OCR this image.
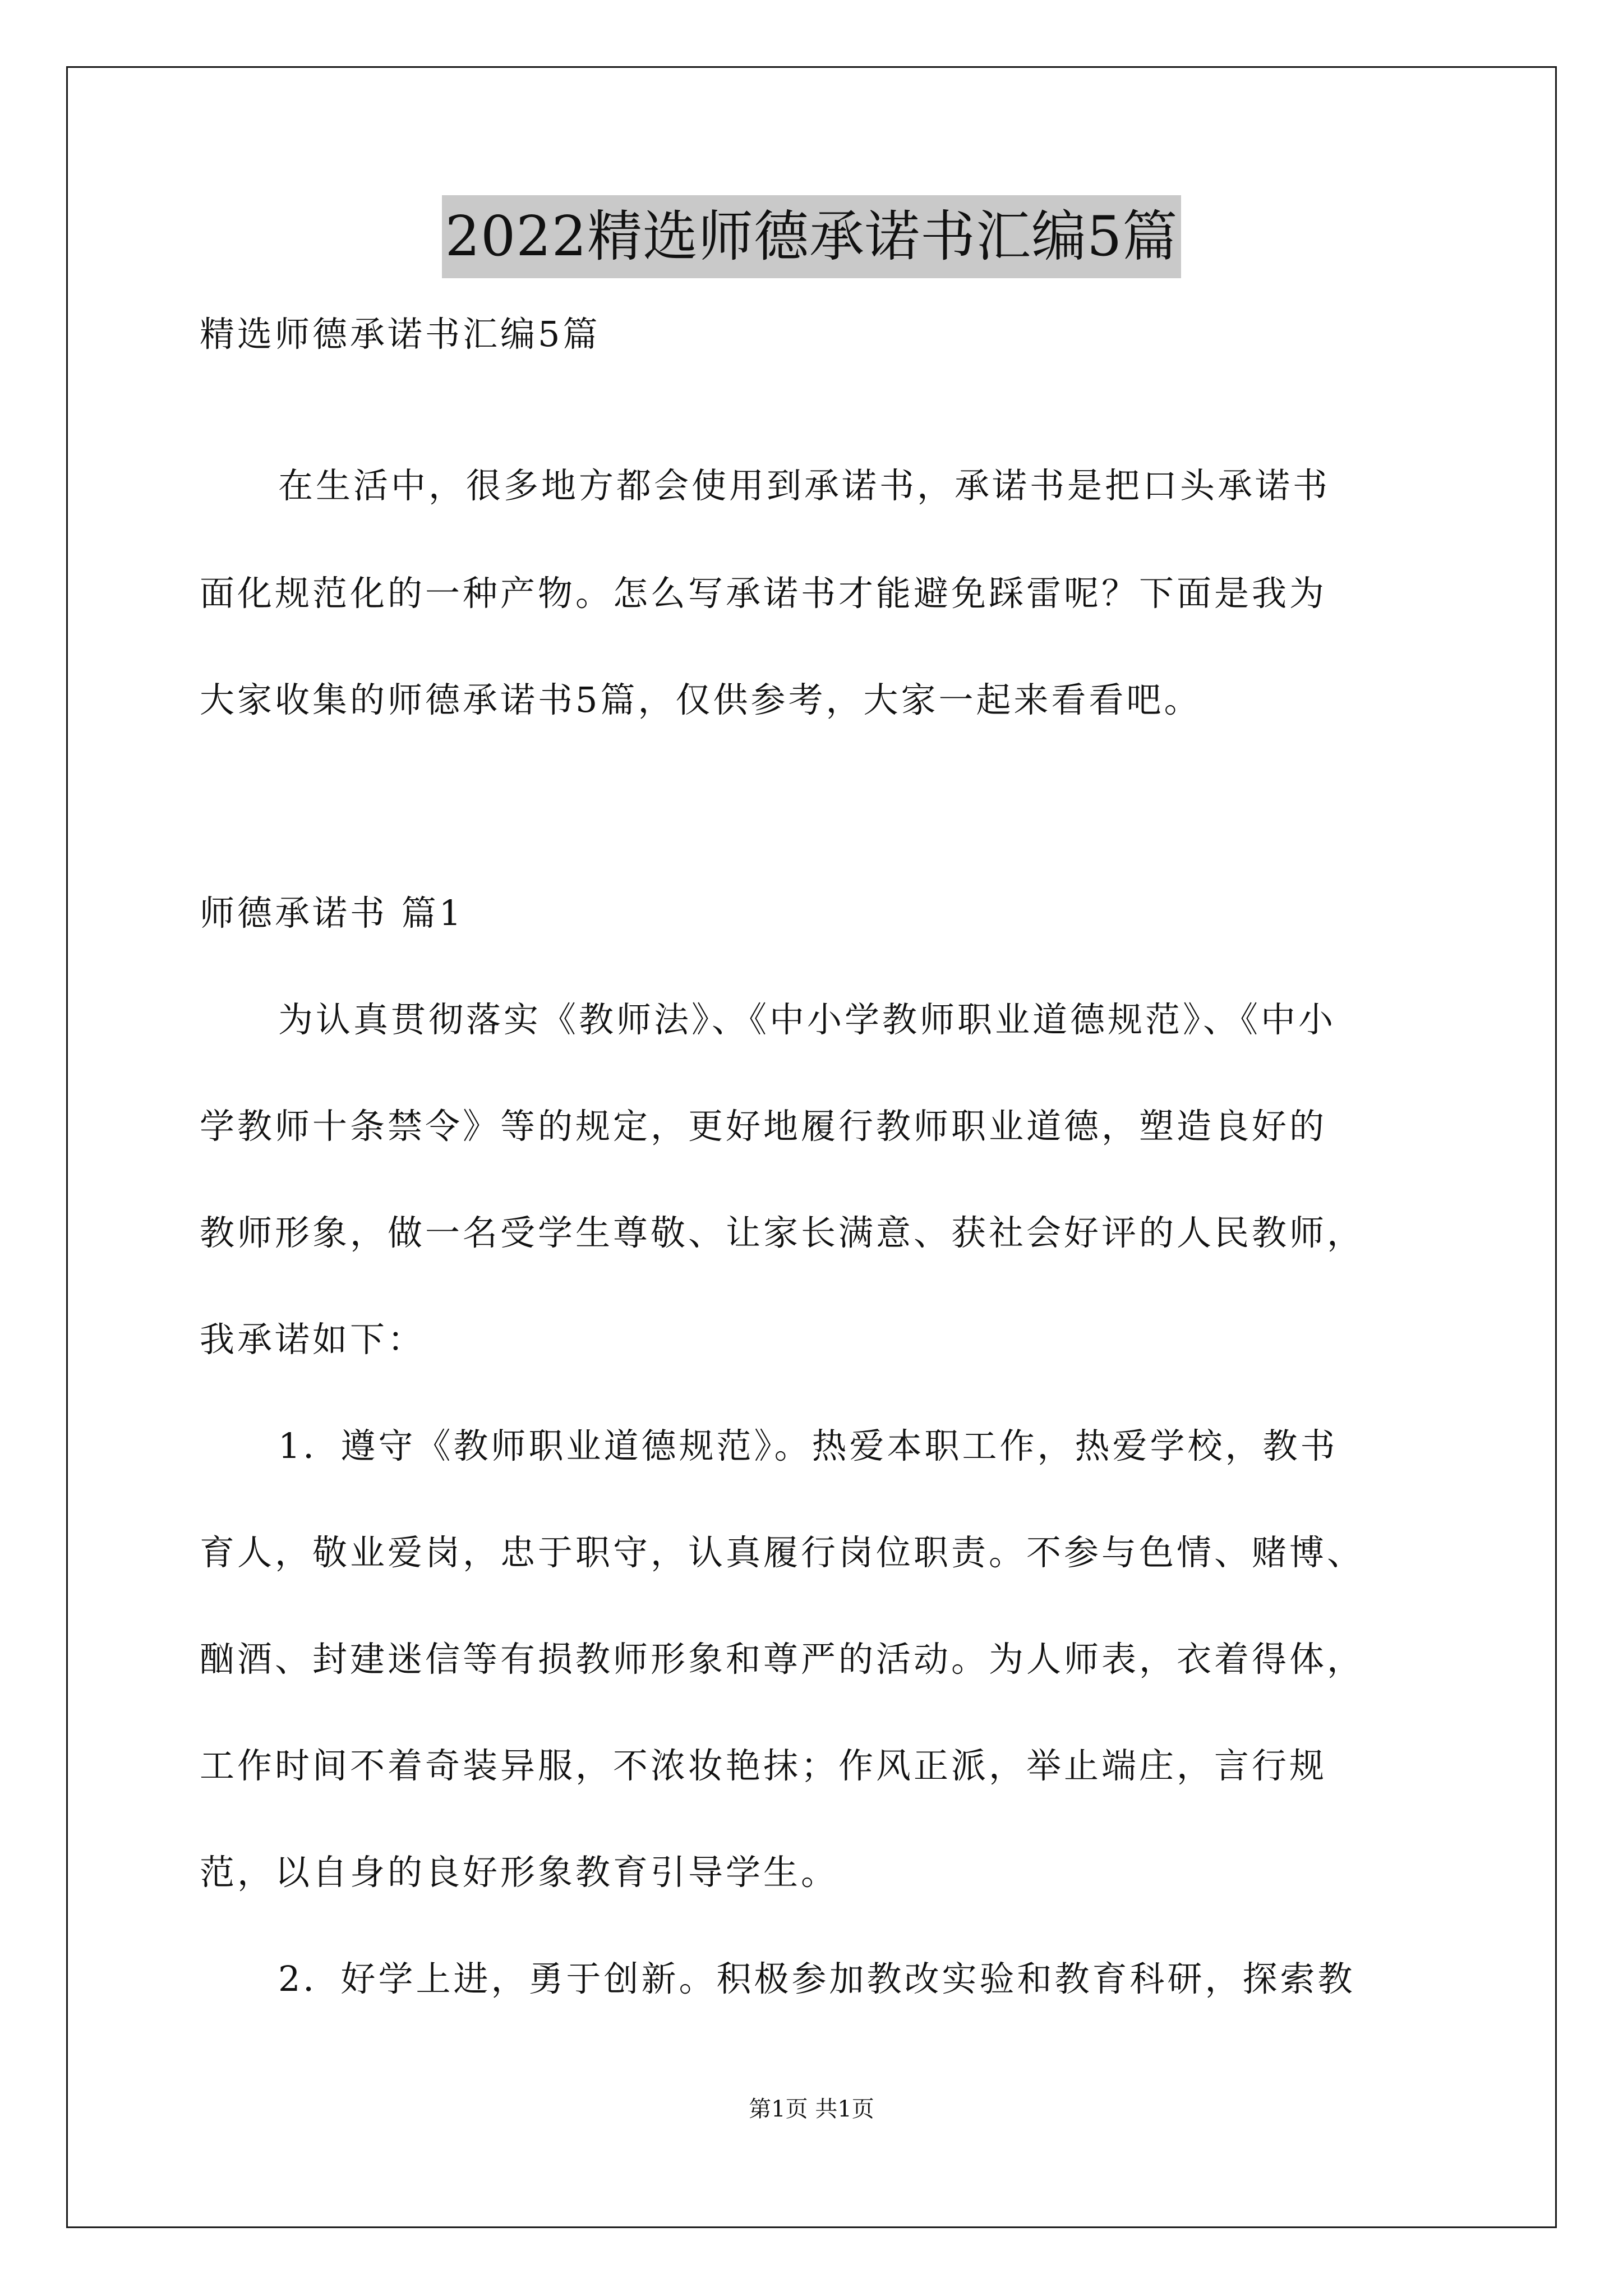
2022精选师德承诺书汇编5篇
精选师德承诺书汇编5篇
在生活中，很多地方都会使用到承诺书，承诺书是把口头承诺书
面化规范化的一种产物。怎么写承诺书才能避免踩雷呢？下面是我为
大家收集的师德承诺书5篇，仅供参考，大家一起来看看吧。
师德承诺书 篇1
为认真贯彻落实《教师法》、《中小学教师职业道德规范》、《中小
学教师十条禁令》等的规定，更好地履行教师职业道德，塑造良好的
教师形象，做一名受学生尊敬、让家长满意、获社会好评的人民教师，
我承诺如下：
1．遵守《教师职业道德规范》。热爱本职工作，热爱学校，教书
育人，敬业爱岗，忠于职守，认真履行岗位职责。不参与色情、赌博、
酗酒、封建迷信等有损教师形象和尊严的活动。为人师表，衣着得体，
工作时间不着奇装异服，不浓妆艳抹；作风正派，举止端庄，言行规
范，以自身的良好形象教育引导学生。
2．好学上进，勇于创新。积极参加教改实验和教育科研，探索教
第1页 共1页
